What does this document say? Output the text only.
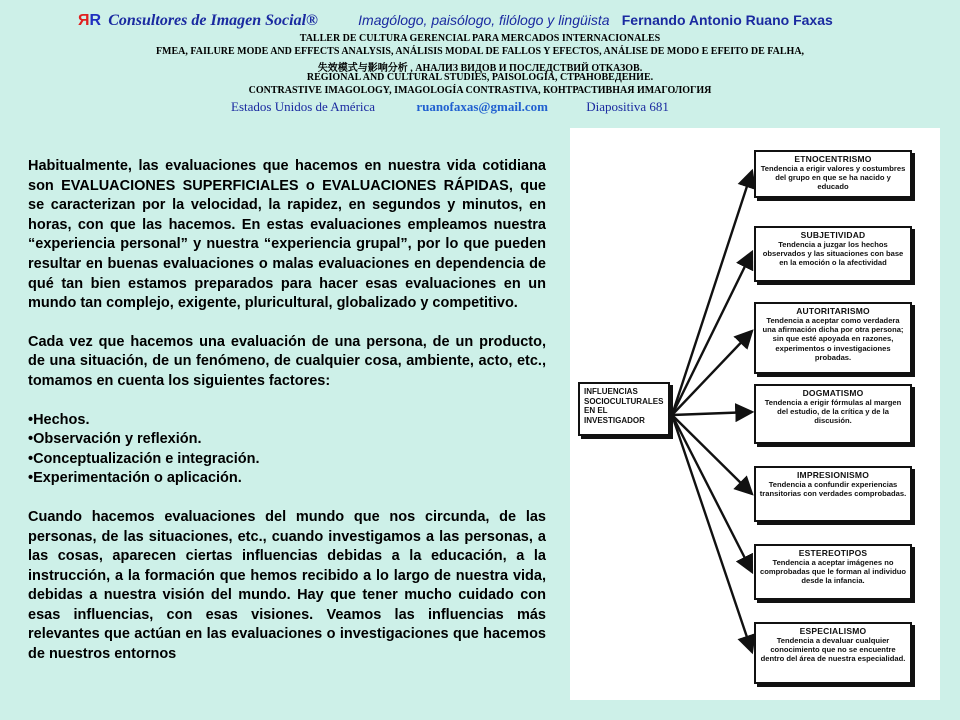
ЯR Consultores de Imagen Social®	Imagólogo, paisólogo, filólogo y lingüista Fernando Antonio Ruano Faxas
TALLER DE CULTURA GERENCIAL PARA MERCADOS INTERNACIONALES
FMEA, FAILURE MODE AND EFFECTS ANALYSIS, ANÁLISIS MODAL DE FALLOS Y EFECTOS, ANÁLISE DE MODO E EFEITO DE FALHA,
失效模式与影响分析 , АНАЛИЗ ВИДОВ И ПОСЛЕДСТВИЙ ОТКАЗОВ.
REGIONAL AND CULTURAL STUDIES, PAISOLOGÍA, СТРАНОВЕДЕНИЕ.
CONTRASTIVE IMAGOLOGY, IMAGOLOGÍA CONTRASTIVA, КОНТРАСТИВНАЯ ИМАГОЛОГИЯ
Estados Unidos de América	ruanofaxas@gmail.com	Diapositiva 681

Habitualmente, las evaluaciones que hacemos en nuestra vida cotidiana son EVALUACIONES SUPERFICIALES o EVALUACIONES RÁPIDAS, que se caracterizan por la velocidad, la rapidez, en segundos y minutos, en horas, con que las hacemos. En estas evaluaciones empleamos nuestra “experiencia personal” y nuestra “experiencia grupal”, por lo que pueden resultar en buenas evaluaciones o malas evaluaciones en dependencia de qué tan bien estamos preparados para hacer esas evaluaciones en un mundo tan complejo, exigente, pluricultural, globalizado y competitivo.

Cada vez que hacemos una evaluación de una persona, de un producto, de una situación, de un fenómeno, de cualquier cosa, ambiente, acto, etc., tomamos en cuenta los siguientes factores:

•Hechos.
•Observación y reflexión.
•Conceptualización e integración.
•Experimentación o aplicación.

Cuando hacemos evaluaciones del mundo que nos circunda, de las personas, de las situaciones, etc., cuando investigamos a las personas, a las cosas, aparecen ciertas influencias debidas a la educación, a la instrucción, a la formación que hemos recibido a lo largo de nuestra vida, debidas a nuestra visión del mundo. Hay que tener mucho cuidado con esas influencias, con esas visiones. Veamos las influencias más relevantes que actúan en las evaluaciones o investigaciones que hacemos de nuestros entornos

INFLUENCIAS SOCIOCULTURALES EN EL INVESTIGADOR
ETNOCENTRISMO
Tendencia a erigir valores y costumbres del grupo en que se ha nacido y educado
SUBJETIVIDAD
Tendencia a juzgar los hechos observados y las situaciones con base en la emoción o la afectividad
AUTORITARISMO
Tendencia a aceptar como verdadera una afirmación dicha por otra persona; sin que esté apoyada en razones, experimentos o investigaciones probadas.
DOGMATISMO
Tendencia a erigir fórmulas al margen del estudio, de la crítica y de la discusión.
IMPRESIONISMO
Tendencia a confundir experiencias transitorias con verdades comprobadas.
ESTEREOTIPOS
Tendencia a aceptar imágenes no comprobadas que le forman al individuo desde la infancia.
ESPECIALISMO
Tendencia a devaluar cualquier conocimiento que no se encuentre dentro del área de nuestra especialidad.
